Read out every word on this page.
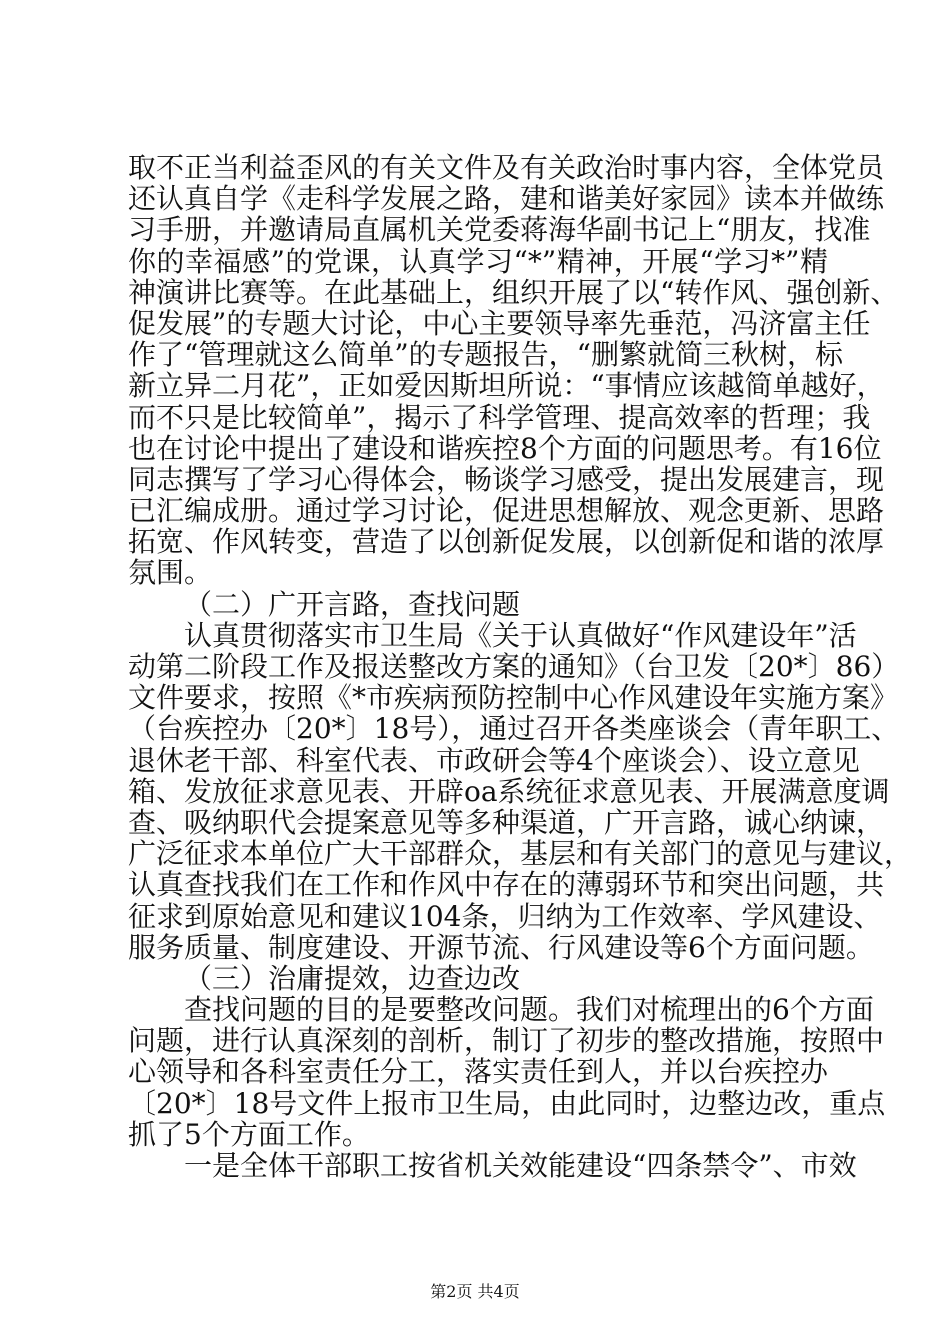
取不正当利益歪风的有关文件及有关政治时事内容，全体党员
还认真自学《走科学发展之路，建和谐美好家园》读本并做练
习手册，并邀请局直属机关党委蒋海华副书记上“朋友，找准
你的幸福感”的党课，认真学习“*”精神，开展“学习*”精
神演讲比赛等。在此基础上，组织开展了以“转作风、强创新、
促发展”的专题大讨论，中心主要领导率先垂范，冯济富主任
作了“管理就这么简单”的专题报告，“删繁就简三秋树，标
新立异二月花”，正如爱因斯坦所说：“事情应该越简单越好，
而不只是比较简单”，揭示了科学管理、提高效率的哲理；我
也在讨论中提出了建设和谐疾控8个方面的问题思考。有16位
同志撰写了学习心得体会，畅谈学习感受，提出发展建言，现
已汇编成册。通过学习讨论，促进思想解放、观念更新、思路
拓宽、作风转变，营造了以创新促发展，以创新促和谐的浓厚
氛围。
（二）广开言路，查找问题
认真贯彻落实市卫生局《关于认真做好“作风建设年”活
动第二阶段工作及报送整改方案的通知》（台卫发〔20*〕86）
文件要求，按照《*市疾病预防控制中心作风建设年实施方案》
（台疾控办〔20*〕18号），通过召开各类座谈会（青年职工、
退休老干部、科室代表、市政研会等4个座谈会）、设立意见
箱、发放征求意见表、开辟oa系统征求意见表、开展满意度调
查、吸纳职代会提案意见等多种渠道，广开言路，诚心纳谏，
广泛征求本单位广大干部群众，基层和有关部门的意见与建议，
认真查找我们在工作和作风中存在的薄弱环节和突出问题，共
征求到原始意见和建议104条，归纳为工作效率、学风建设、
服务质量、制度建设、开源节流、行风建设等6个方面问题。
（三）治庸提效，边查边改
查找问题的目的是要整改问题。我们对梳理出的6个方面
问题，进行认真深刻的剖析，制订了初步的整改措施，按照中
心领导和各科室责任分工，落实责任到人，并以台疾控办
〔20*〕18号文件上报市卫生局，由此同时，边整边改，重点
抓了5个方面工作。
一是全体干部职工按省机关效能建设“四条禁令”、市效
第2页 共4页
